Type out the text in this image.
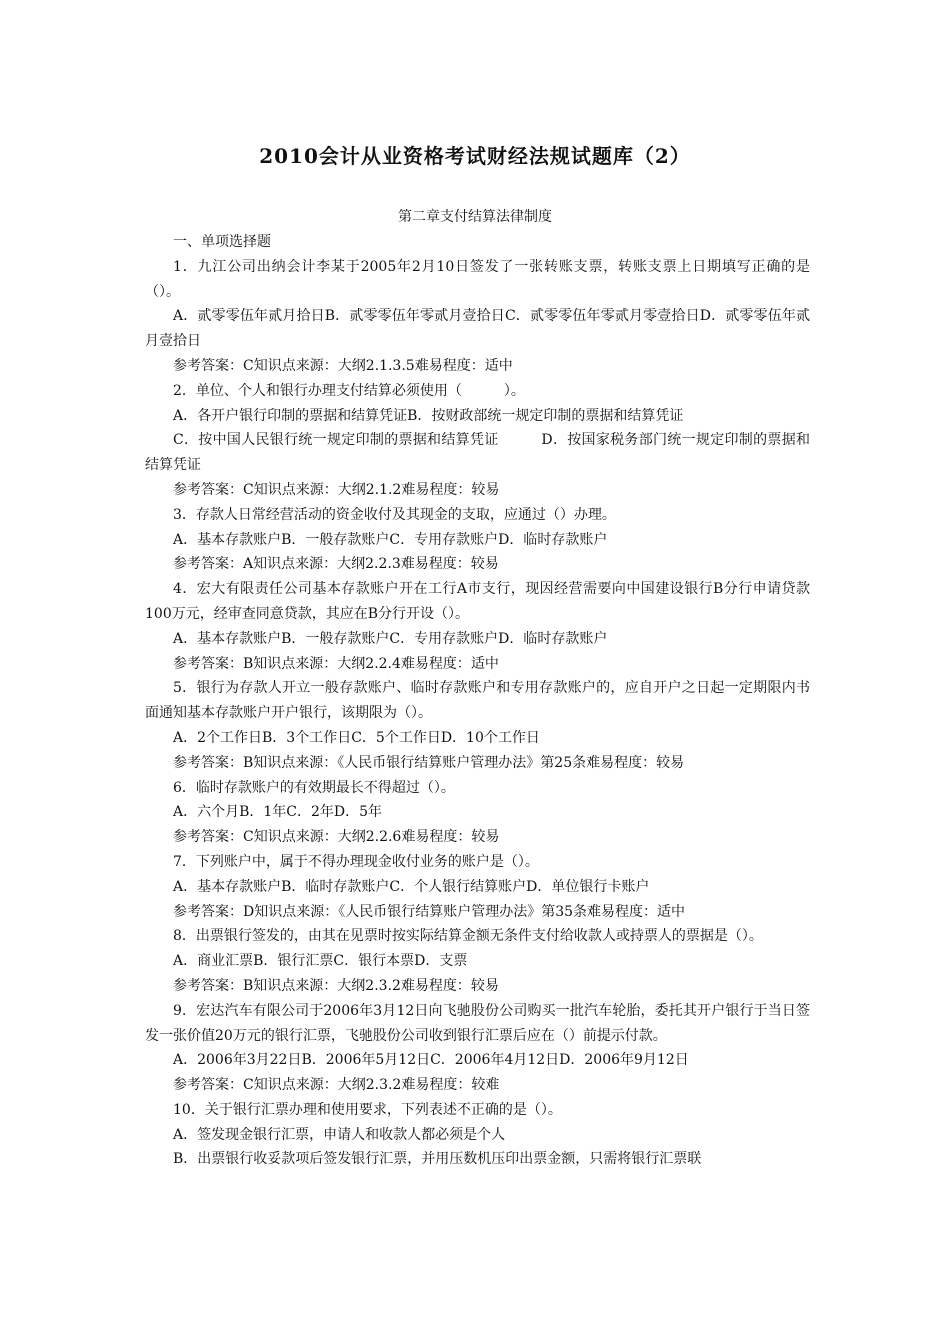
2010会计从业资格考试财经法规试题库（2）
第二章支付结算法律制度

一、单项选择题

1．九江公司出纳会计李某于2005年2月10日签发了一张转账支票，转账支票上日期填写正确的是（）。

A．贰零零伍年贰月拾日B．贰零零伍年零贰月壹拾日C．贰零零伍年零贰月零壹拾日D．贰零零伍年贰月壹拾日

参考答案：C知识点来源：大纲2.1.3.5难易程度：适中

2．单位、个人和银行办理支付结算必须使用（　　　）。

A．各开户银行印制的票据和结算凭证B．按财政部统一规定印制的票据和结算凭证

C．按中国人民银行统一规定印制的票据和结算凭证　　　D．按国家税务部门统一规定印制的票据和结算凭证

参考答案：C知识点来源：大纲2.1.2难易程度：较易

3．存款人日常经营活动的资金收付及其现金的支取，应通过（）办理。

A．基本存款账户B．一般存款账户C．专用存款账户D．临时存款账户

参考答案：A知识点来源：大纲2.2.3难易程度：较易

4．宏大有限责任公司基本存款账户开在工行A市支行，现因经营需要向中国建设银行B分行申请贷款100万元，经审查同意贷款，其应在B分行开设（）。

A．基本存款账户B．一般存款账户C．专用存款账户D．临时存款账户

参考答案：B知识点来源：大纲2.2.4难易程度：适中

5．银行为存款人开立一般存款账户、临时存款账户和专用存款账户的，应自开户之日起一定期限内书面通知基本存款账户开户银行，该期限为（）。

A．2个工作日B．3个工作日C．5个工作日D．10个工作日

参考答案：B知识点来源：《人民币银行结算账户管理办法》第25条难易程度：较易

6．临时存款账户的有效期最长不得超过（）。

A．六个月B．1年C．2年D．5年

参考答案：C知识点来源：大纲2.2.6难易程度：较易

7．下列账户中，属于不得办理现金收付业务的账户是（）。

A．基本存款账户B．临时存款账户C．个人银行结算账户D．单位银行卡账户

参考答案：D知识点来源：《人民币银行结算账户管理办法》第35条难易程度：适中

8．出票银行签发的，由其在见票时按实际结算金额无条件支付给收款人或持票人的票据是（）。

A．商业汇票B．银行汇票C．银行本票D．支票

参考答案：B知识点来源：大纲2.3.2难易程度：较易

9．宏达汽车有限公司于2006年3月12日向飞驰股份公司购买一批汽车轮胎，委托其开户银行于当日签发一张价值20万元的银行汇票，飞驰股份公司收到银行汇票后应在（）前提示付款。

A．2006年3月22日B．2006年5月12日C．2006年4月12日D．2006年9月12日

参考答案：C知识点来源：大纲2.3.2难易程度：较难

10．关于银行汇票办理和使用要求，下列表述不正确的是（）。

A．签发现金银行汇票，申请人和收款人都必须是个人

B．出票银行收妥款项后签发银行汇票，并用压数机压印出票金额，只需将银行汇票联
